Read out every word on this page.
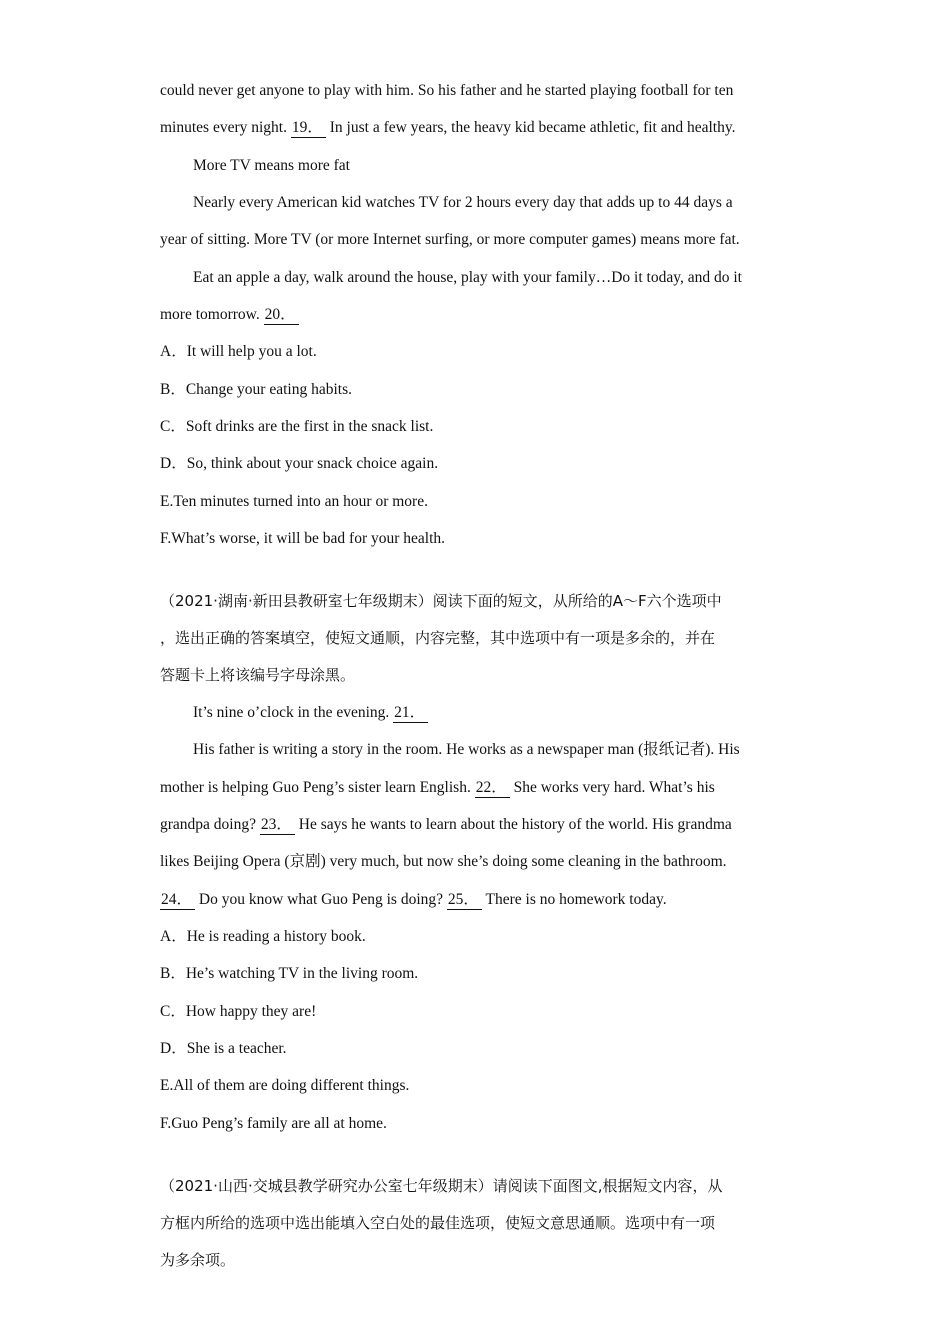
could never get anyone to play with him. So his father and he started playing football for ten
minutes every night. 19． In just a few years, the heavy kid became athletic, fit and healthy.
More TV means more fat
Nearly every American kid watches TV for 2 hours every day that adds up to 44 days a
year of sitting. More TV (or more Internet surfing, or more computer games) means more fat.
Eat an apple a day, walk around the house, play with your family…Do it today, and do it
more tomorrow. 20．
A．It will help you a lot.
B．Change your eating habits.
C．Soft drinks are the first in the snack list.
D．So, think about your snack choice again.
E.Ten minutes turned into an hour or more.
F.What’s worse, it will be bad for your health.
（2021·湖南·新田县教研室七年级期末）阅读下面的短文，从所给的A～F六个选项中
，选出正确的答案填空，使短文通顺，内容完整，其中选项中有一项是多余的，并在
答题卡上将该编号字母涂黑。
It’s nine o’clock in the evening. 21．
His father is writing a story in the room. He works as a newspaper man (报纸记者). His
mother is helping Guo Peng’s sister learn English. 22． She works very hard. What’s his
grandpa doing? 23． He says he wants to learn about the history of the world. His grandma
likes Beijing Opera (京剧) very much, but now she’s doing some cleaning in the bathroom.
24． Do you know what Guo Peng is doing? 25． There is no homework today.
A．He is reading a history book.
B．He’s watching TV in the living room.
C．How happy they are!
D．She is a teacher.
E.All of them are doing different things.
F.Guo Peng’s family are all at home.
（2021·山西·交城县教学研究办公室七年级期末）请阅读下面图文,根据短文内容，从
方框内所给的选项中选出能填入空白处的最佳选项，使短文意思通顺。选项中有一项
为多余项。
